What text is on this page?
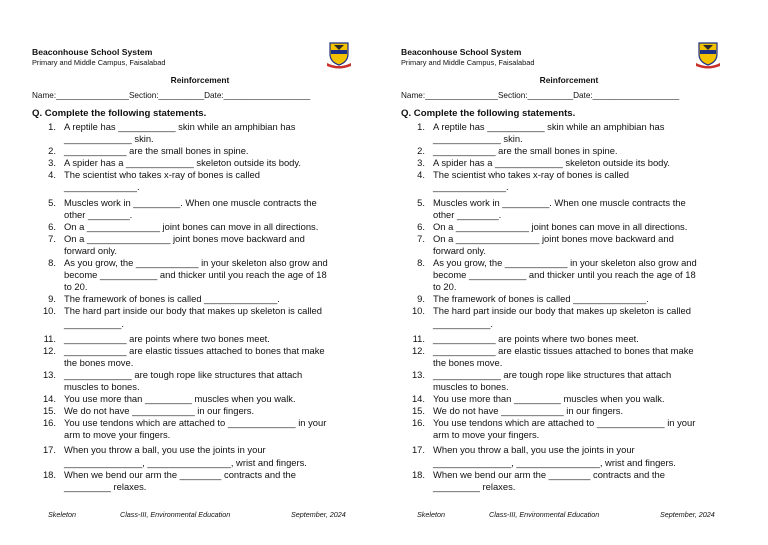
Beaconhouse School System
Primary and Middle Campus, Faisalabad
Reinforcement
Name:________________Section:__________Date:___________________
Q. Complete the following statements.
1. A reptile has ___________ skin while an amphibian has
_____________ skin.
2. ____________ are the small bones in spine.
3. A spider has a _____________ skeleton outside its body.
4. The scientist who takes x-ray of bones is called
______________.
5. Muscles work in _________. When one muscle contracts the
other ________.
6. On a ______________ joint bones can move in all directions.
7. On a ________________ joint bones move backward and
forward only.
8. As you grow, the ____________ in your skeleton also grow and
become ___________ and thicker until you reach the age of 18
to 20.
9. The framework of bones is called ______________.
10. The hard part inside our body that makes up skeleton is called
___________.
11. ____________ are points where two bones meet.
12. ____________ are elastic tissues attached to bones that make
the bones move.
13. _____________ are tough rope like structures that attach
muscles to bones.
14. You use more than _________ muscles when you walk.
15. We do not have ____________ in our fingers.
16. You use tendons which are attached to _____________ in your
arm to move your fingers.
17. When you throw a ball, you use the joints in your
_______________, ________________, wrist and fingers.
18. When we bend our arm the ________ contracts and the
_________ relaxes.
Skeleton	Class-III, Environmental Education	September, 2024
Beaconhouse School System
Primary and Middle Campus, Faisalabad
Reinforcement
Name:________________Section:__________Date:___________________
Q. Complete the following statements.
1. A reptile has ___________ skin while an amphibian has
_____________ skin.
2. ____________ are the small bones in spine.
3. A spider has a _____________ skeleton outside its body.
4. The scientist who takes x-ray of bones is called
______________.
5. Muscles work in _________. When one muscle contracts the
other ________.
6. On a ______________ joint bones can move in all directions.
7. On a ________________ joint bones move backward and
forward only.
8. As you grow, the ____________ in your skeleton also grow and
become ___________ and thicker until you reach the age of 18
to 20.
9. The framework of bones is called ______________.
10. The hard part inside our body that makes up skeleton is called
___________.
11. ____________ are points where two bones meet.
12. ____________ are elastic tissues attached to bones that make
the bones move.
13. _____________ are tough rope like structures that attach
muscles to bones.
14. You use more than _________ muscles when you walk.
15. We do not have ____________ in our fingers.
16. You use tendons which are attached to _____________ in your
arm to move your fingers.
17. When you throw a ball, you use the joints in your
_______________, ________________, wrist and fingers.
18. When we bend our arm the ________ contracts and the
_________ relaxes.
Skeleton	Class-III, Environmental Education	September, 2024
